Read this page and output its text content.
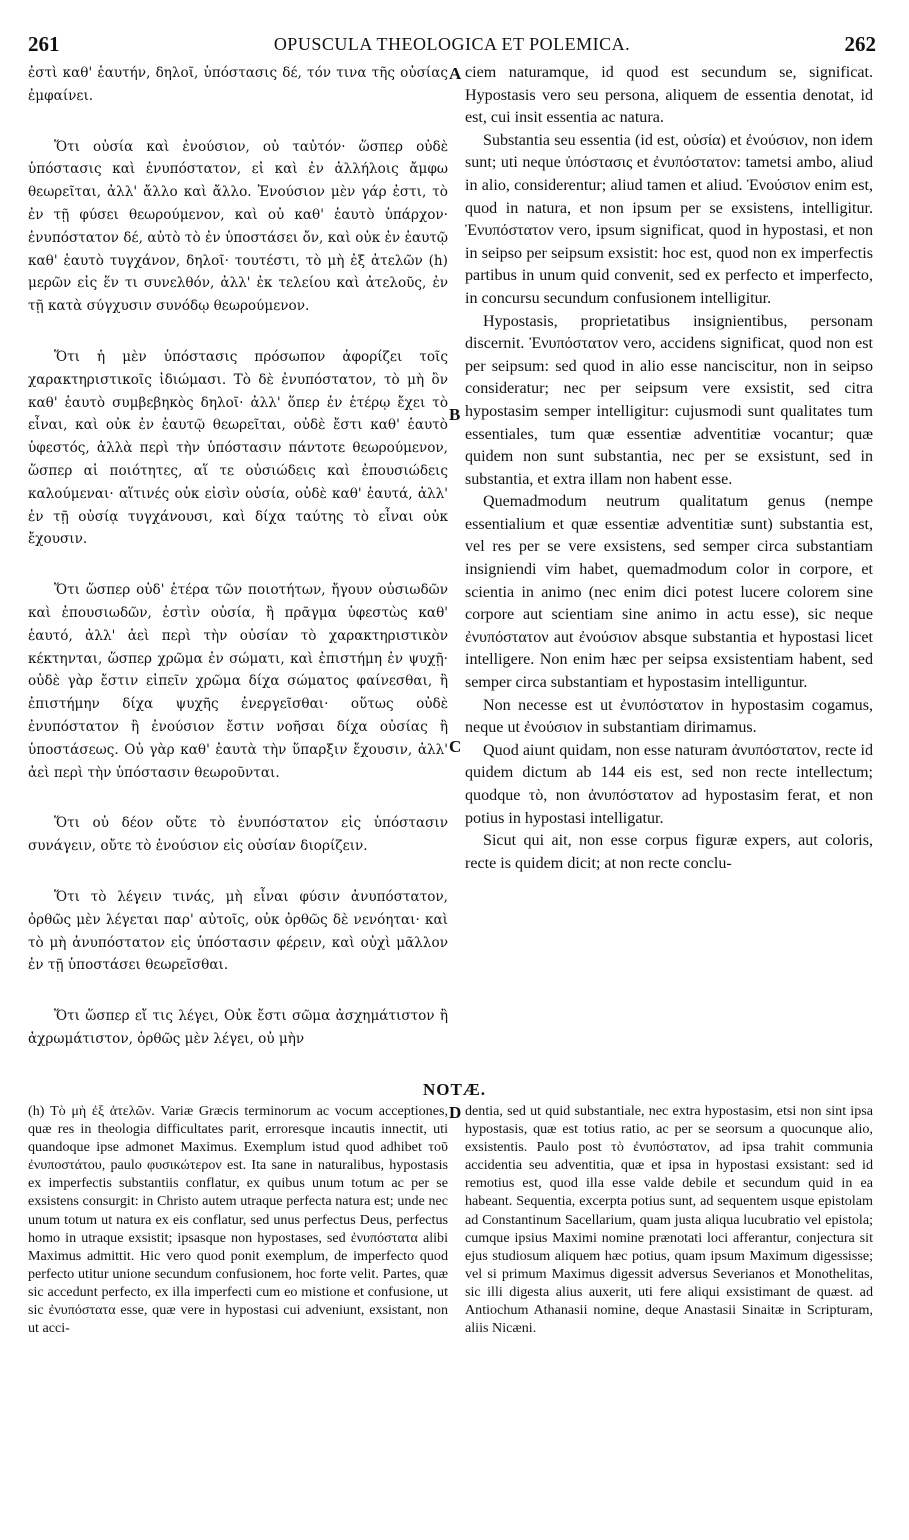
261	OPUSCULA THEOLOGICA ET POLEMICA.	262
A
B
C
D

ἐστὶ καθ' ἑαυτήν, δηλοῖ, ὑπόστασις δέ, τόν τινα τῆς οὐσίας ἐμφαίνει.

Ὅτι οὐσία καὶ ἐνούσιον, οὐ ταὐτόν· ὥσπερ οὐδὲ ὑπόστασις καὶ ἐνυπόστατον, εἰ καὶ ἐν ἀλλήλοις ἄμφω θεωρεῖται, ἀλλ' ἄλλο καὶ ἄλλο. Ἐνούσιον μὲν γάρ ἐστι, τὸ ἐν τῇ φύσει θεωρούμενον, καὶ οὐ καθ' ἑαυτὸ ὑπάρχον· ἐνυπόστατον δέ, αὐτὸ τὸ ἐν ὑποστάσει ὄν, καὶ οὐκ ἐν ἑαυτῷ καθ' ἑαυτὸ τυγχάνον, δηλοῖ· τουτέστι, τὸ μὴ ἐξ ἀτελῶν (h) μερῶν εἰς ἕν τι συνελθόν, ἀλλ' ἐκ τελείου καὶ ἀτελοῦς, ἐν τῇ κατὰ σύγχυσιν συνόδῳ θεωρούμενον.

Ὅτι ἡ μὲν ὑπόστασις πρόσωπον ἀφορίζει τοῖς χαρακτηριστικοῖς ἰδιώμασι. Τὸ δὲ ἐνυπόστατον, τὸ μὴ ὂν καθ' ἑαυτὸ συμβεβηκὸς δηλοῖ· ἀλλ' ὅπερ ἐν ἑτέρῳ ἔχει τὸ εἶναι, καὶ οὐκ ἐν ἑαυτῷ θεωρεῖται, οὐδὲ ἔστι καθ' ἑαυτὸ ὑφεστός, ἀλλὰ περὶ τὴν ὑπόστασιν πάντοτε θεωρούμενον, ὥσπερ αἱ ποιότητες, αἵ τε οὐσιώδεις καὶ ἐπουσιώδεις καλούμεναι· αἵτινές οὐκ εἰσὶν οὐσία, οὐδὲ καθ' ἑαυτά, ἀλλ' ἐν τῇ οὐσίᾳ τυγχάνουσι, καὶ δίχα ταύτης τὸ εἶναι οὐκ ἔχουσιν.

Ὅτι ὥσπερ οὐδ' ἑτέρα τῶν ποιοτήτων, ἤγουν οὐσιωδῶν καὶ ἐπουσιωδῶν, ἐστὶν οὐσία, ἢ πρᾶγμα ὑφεστὼς καθ' ἑαυτό, ἀλλ' ἀεὶ περὶ τὴν οὐσίαν τὸ χαρακτηριστικὸν κέκτηνται, ὥσπερ χρῶμα ἐν σώματι, καὶ ἐπιστήμη ἐν ψυχῇ· οὐδὲ γὰρ ἔστιν εἰπεῖν χρῶμα δίχα σώματος φαίνεσθαι, ἢ ἐπιστήμην δίχα ψυχῆς ἐνεργεῖσθαι· οὕτως οὐδὲ ἐνυπόστατον ἢ ἐνούσιον ἔστιν νοῆσαι δίχα οὐσίας ἢ ὑποστάσεως. Οὐ γὰρ καθ' ἑαυτὰ τὴν ὕπαρξιν ἔχουσιν, ἀλλ' ἀεὶ περὶ τὴν ὑπόστασιν θεωροῦνται.

Ὅτι οὐ δέον οὔτε τὸ ἐνυπόστατον εἰς ὑπόστασιν συνάγειν, οὔτε τὸ ἐνούσιον εἰς οὐσίαν διορίζειν.

Ὅτι τὸ λέγειν τινάς, μὴ εἶναι φύσιν ἀνυπόστατον, ὀρθῶς μὲν λέγεται παρ' αὐτοῖς, οὐκ ὀρθῶς δὲ νενόηται· καὶ τὸ μὴ ἀνυπόστατον εἰς ὑπόστασιν φέρειν, καὶ οὐχὶ μᾶλλον ἐν τῇ ὑποστάσει θεωρεῖσθαι.

Ὅτι ὥσπερ εἴ τις λέγει, Οὐκ ἔστι σῶμα ἀσχημάτιστον ἢ ἀχρωμάτιστον, ὀρθῶς μὲν λέγει, οὐ μὴν

ciem naturamque, id quod est secundum se, significat. Hypostasis vero seu persona, aliquem de essentia denotat, id est, cui insit essentia ac natura.

Substantia seu essentia (id est, οὐσία) et ἐνούσιον, non idem sunt; uti neque ὑπόστασις et ἐνυπόστατον: tametsi ambo, aliud in alio, considerentur; aliud tamen et aliud. Ἐνούσιον enim est, quod in natura, et non ipsum per se exsistens, intelligitur. Ἐνυπόστατον vero, ipsum significat, quod in hypostasi, et non in seipso per seipsum exsistit: hoc est, quod non ex imperfectis partibus in unum quid convenit, sed ex perfecto et imperfecto, in concursu secundum confusionem intelligitur.

Hypostasis, proprietatibus insignientibus, personam discernit. Ἐνυπόστατον vero, accidens significat, quod non est per seipsum: sed quod in alio esse nanciscitur, non in seipso consideratur; nec per seipsum vere exsistit, sed citra hypostasim semper intelligitur: cujusmodi sunt qualitates tum essentiales, tum quæ essentiæ adventitiæ vocantur; quæ quidem non sunt substantia, nec per se exsistunt, sed in substantia, et extra illam non habent esse.

Quemadmodum neutrum qualitatum genus (nempe essentialium et quæ essentiæ adventitiæ sunt) substantia est, vel res per se vere exsistens, sed semper circa substantiam insigniendi vim habet, quemadmodum color in corpore, et scientia in animo (nec enim dici potest lucere colorem sine corpore aut scientiam sine animo in actu esse), sic neque ἐνυπόστατον aut ἐνούσιον absque substantia et hypostasi licet intelligere. Non enim hæc per seipsa exsistentiam habent, sed semper circa substantiam et hypostasim intelliguntur.

Non necesse est ut ἐνυπόστατον in hypostasim cogamus, neque ut ἐνούσιον in substantiam dirimamus.

Quod aiunt quidam, non esse naturam ἀνυπόστατον, recte id quidem dictum ab 144 eis est, sed non recte intellectum; quodque τὸ, non ἀνυπόστατον ad hypostasim ferat, et non potius in hypostasi intelligatur.

Sicut qui ait, non esse corpus figuræ expers, aut coloris, recte is quidem dicit; at non recte conclu-

NOTÆ.

(h) Τὸ μὴ ἐξ ἀτελῶν. Variæ Græcis terminorum ac vocum acceptiones, quæ res in theologia difficultates parit, erroresque incautis innectit, uti quandoque ipse admonet Maximus. Exemplum istud quod adhibet τοῦ ἐνυποστάτου, paulo φυσικώτερον est. Ita sane in naturalibus, hypostasis ex imperfectis substantiis conflatur, ex quibus unum totum ac per se exsistens consurgit: in Christo autem utraque perfecta natura est; unde nec unum totum ut natura ex eis conflatur, sed unus perfectus Deus, perfectus homo in utraque exsistit; ipsasque non hypostases, sed ἐνυπόστατα alibi Maximus admittit. Hic vero quod ponit exemplum, de imperfecto quod perfecto utitur unione secundum confusionem, hoc forte velit. Partes, quæ sic accedunt perfecto, ex illa imperfecti cum eo mistione et confusione, ut sic ἐνυπόστατα esse, quæ vere in hypostasi cui adveniunt, exsistant, non ut acci-

dentia, sed ut quid substantiale, nec extra hypostasim, etsi non sint ipsa hypostasis, quæ est totius ratio, ac per se seorsum a quocunque alio, exsistentis. Paulo post τὸ ἐνυπόστατον, ad ipsa trahit communia accidentia seu adventitia, quæ et ipsa in hypostasi exsistant: sed id remotius est, quod illa esse valde debile et secundum quid in ea habeant. Sequentia, excerpta potius sunt, ad sequentem usque epistolam ad Constantinum Sacellarium, quam justa aliqua lucubratio vel epistola; cumque ipsius Maximi nomine prænotati loci afferantur, conjectura sit ejus studiosum aliquem hæc potius, quam ipsum Maximum digessisse; vel si primum Maximus digessit adversus Severianos et Monothelitas, sic illi digesta alius auxerit, uti fere aliqui exsistimant de quæst. ad Antiochum Athanasii nomine, deque Anastasii Sinaitæ in Scripturam, aliis Nicæni.
